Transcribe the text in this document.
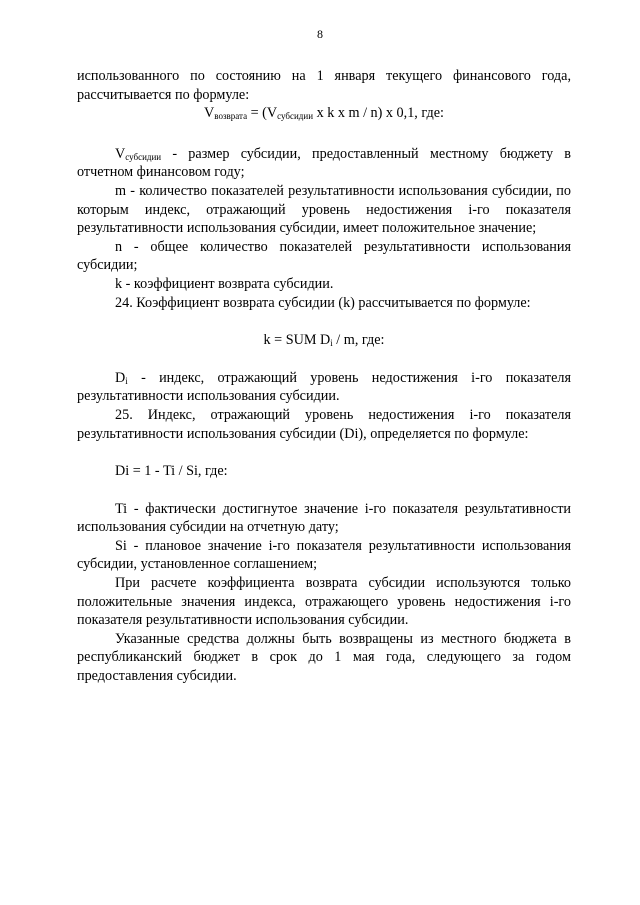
8

использованного по состоянию на 1 января текущего финансового года, рассчитывается по формуле:

$V_{возврата} = (V_{субсидии}$ x k x m / n) x 0,1, где:

$V_{субсидии}$ - размер субсидии, предоставленный местному бюджету в отчетном финансовом году;

m - количество показателей результативности использования субсидии, по которым индекс, отражающий уровень недостижения i-го показателя результативности использования субсидии, имеет положительное значение;

n - общее количество показателей результативности использования субсидии;

k - коэффициент возврата субсидии.

24. Коэффициент возврата субсидии (k) рассчитывается по формуле:

k = SUM $D_i$ / m, где:

$D_i$ - индекс, отражающий уровень недостижения i-го показателя результативности использования субсидии.

25. Индекс, отражающий уровень недостижения i-го показателя результативности использования субсидии (Di), определяется по формуле:

Di = 1 - Ti / Si, где:

Ti - фактически достигнутое значение i-го показателя результативности использования субсидии на отчетную дату;

Si - плановое значение i-го показателя результативности использования субсидии, установленное соглашением;

При расчете коэффициента возврата субсидии используются только положительные значения индекса, отражающего уровень недостижения i-го показателя результативности использования субсидии.

Указанные средства должны быть возвращены из местного бюджета в республиканский бюджет в срок до 1 мая года, следующего за годом предоставления субсидии.
